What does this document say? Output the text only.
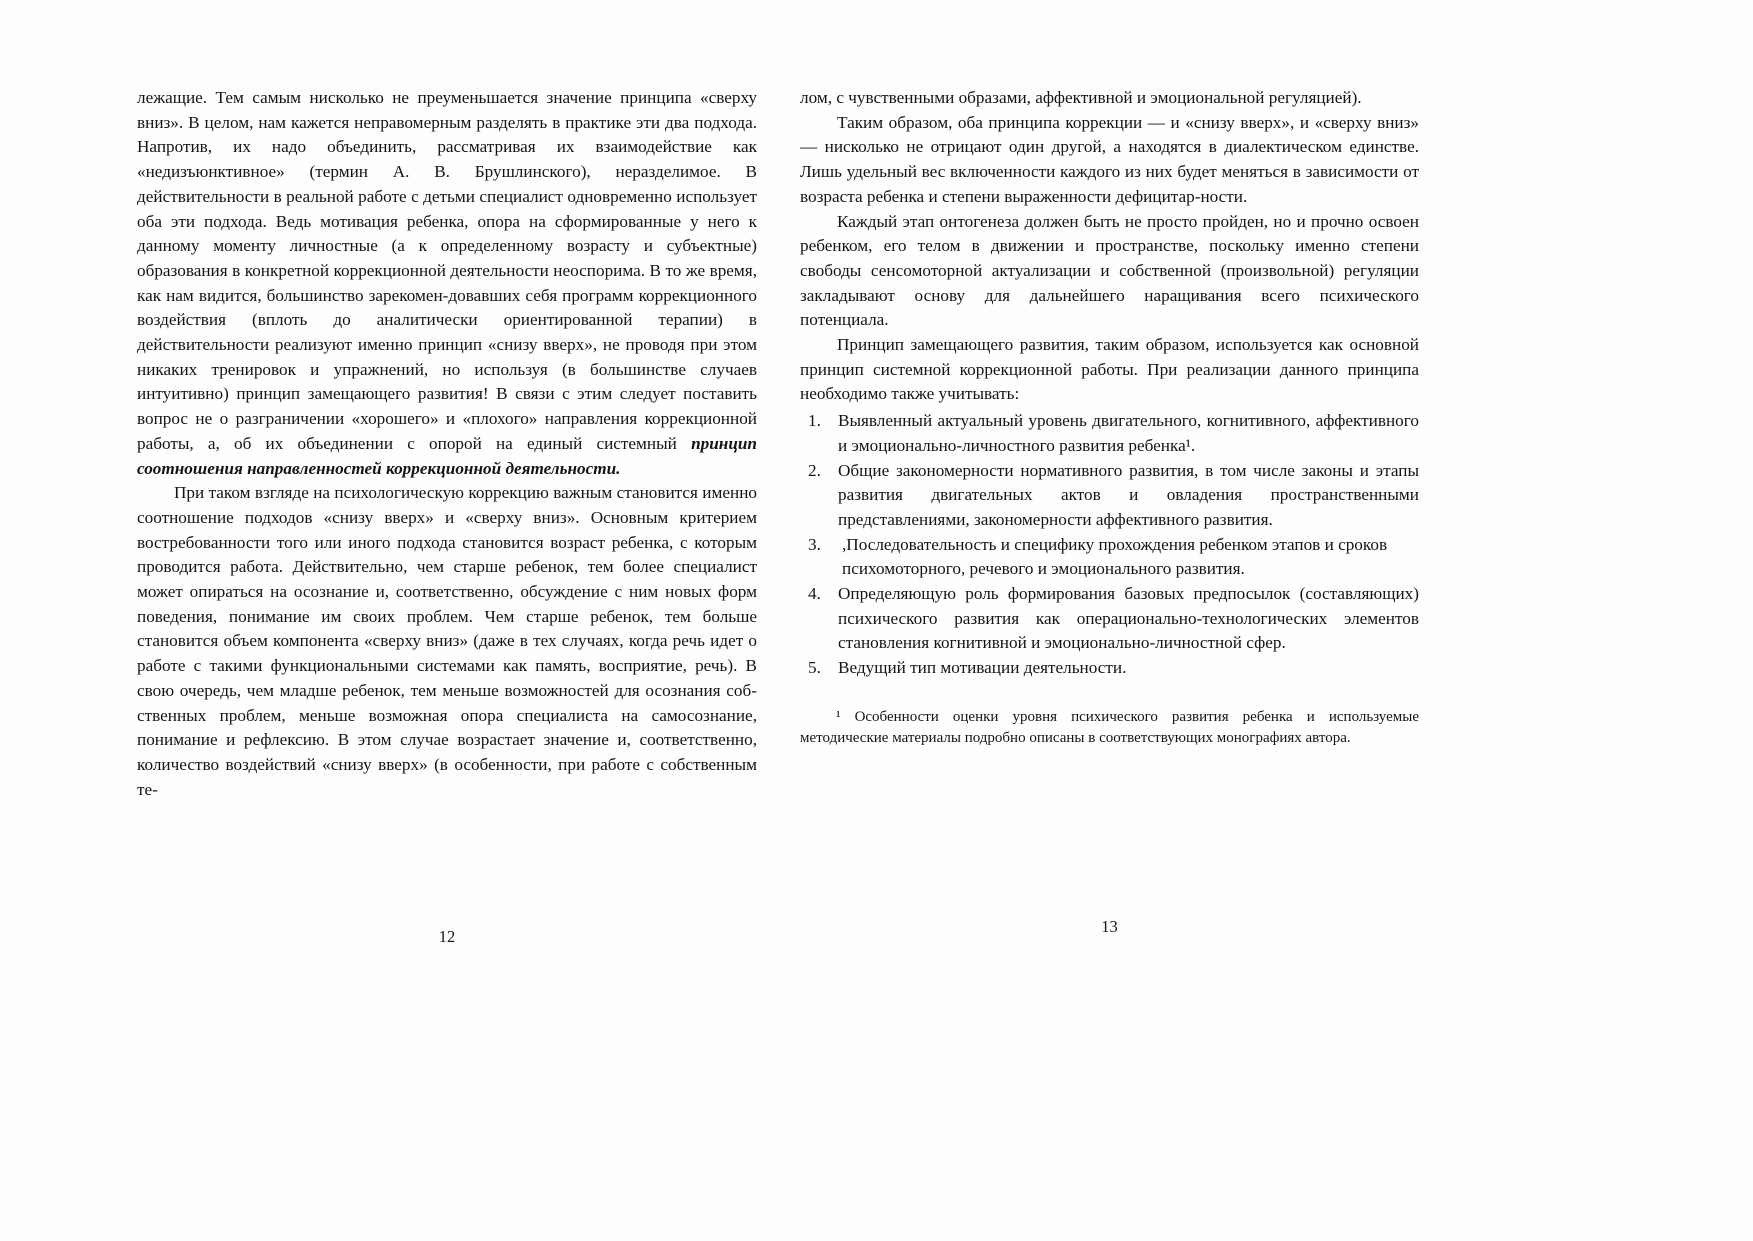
лежащие. Тем самым нисколько не преуменьшается значение принципа «сверху вниз». В целом, нам кажется неправомерным разделять в практике эти два подхода. Напротив, их надо объединить, рассматривая их взаимодействие как «недизъюнктивное» (термин А. В. Брушлинского), неразделимое. В действительности в реальной работе с детьми специалист одновременно использует оба эти подхода. Ведь мотивация ребенка, опора на сформированные у него к данному моменту личностные (а к определенному возрасту и субъектные) образования в конкретной коррекционной деятельности неоспорима. В то же время, как нам видится, большинство зарекомен-довавших себя программ коррекционного воздействия (вплоть до аналитически ориентированной терапии) в действительности реализуют именно принцип «снизу вверх», не проводя при этом никаких тренировок и упражнений, но используя (в большинстве случаев интуитивно) принцип замещающего развития! В связи с этим следует поставить вопрос не о разграничении «хорошего» и «плохого» направления коррекционной работы, а, об их объединении с опорой на единый системный принцип соотношения направленностей коррекционной деятельности.

При таком взгляде на психологическую коррекцию важным становится именно соотношение подходов «снизу вверх» и «сверху вниз». Основным критерием востребованности того или иного подхода становится возраст ребенка, с которым проводится работа. Действительно, чем старше ребенок, тем более специалист может опираться на осознание и, соответственно, обсуждение с ним новых форм поведения, понимание им своих проблем. Чем старше ребенок, тем больше становится объем компонента «сверху вниз» (даже в тех случаях, когда речь идет о работе с такими функциональными системами как память, восприятие, речь). В свою очередь, чем младше ребенок, тем меньше возможностей для осознания соб-ственных проблем, меньше возможная опора специалиста на самосознание, понимание и рефлексию. В этом случае возрастает значение и, соответственно, количество воздействий «снизу вверх» (в особенности, при работе с собственным те-

12

лом, с чувственными образами, аффективной и эмоциональной регуляцией).

Таким образом, оба принципа коррекции — и «снизу вверх», и «сверху вниз» — нисколько не отрицают один другой, а находятся в диалектическом единстве. Лишь удельный вес включенности каждого из них будет меняться в зависимости от возраста ребенка и степени выраженности дефицитар-ности.

Каждый этап онтогенеза должен быть не просто пройден, но и прочно освоен ребенком, его телом в движении и пространстве, поскольку именно степени свободы сенсомоторной актуализации и собственной (произвольной) регуляции закладывают основу для дальнейшего наращивания всего психического потенциала.

Принцип замещающего развития, таким образом, используется как основной принцип системной коррекционной работы. При реализации данного принципа необходимо также учитывать:

1. Выявленный актуальный уровень двигательного, когнитивного, аффективного и эмоционально-личностного развития ребенка¹.
2. Общие закономерности нормативного развития, в том числе законы и этапы развития двигательных актов и овладения пространственными представлениями, закономерности аффективного развития.
3.	,Последовательность и специфику прохождения ребенком этапов и сроков психомоторного, речевого и эмоционального развития.
4. Определяющую роль формирования базовых предпосылок (составляющих) психического развития как операционально-технологических элементов становления когнитивной и эмоционально-личностной сфер.
5. Ведущий тип мотивации деятельности.

¹ Особенности оценки уровня психического развития ребенка и используемые методические материалы подробно описаны в соответствующих монографиях автора.

13
